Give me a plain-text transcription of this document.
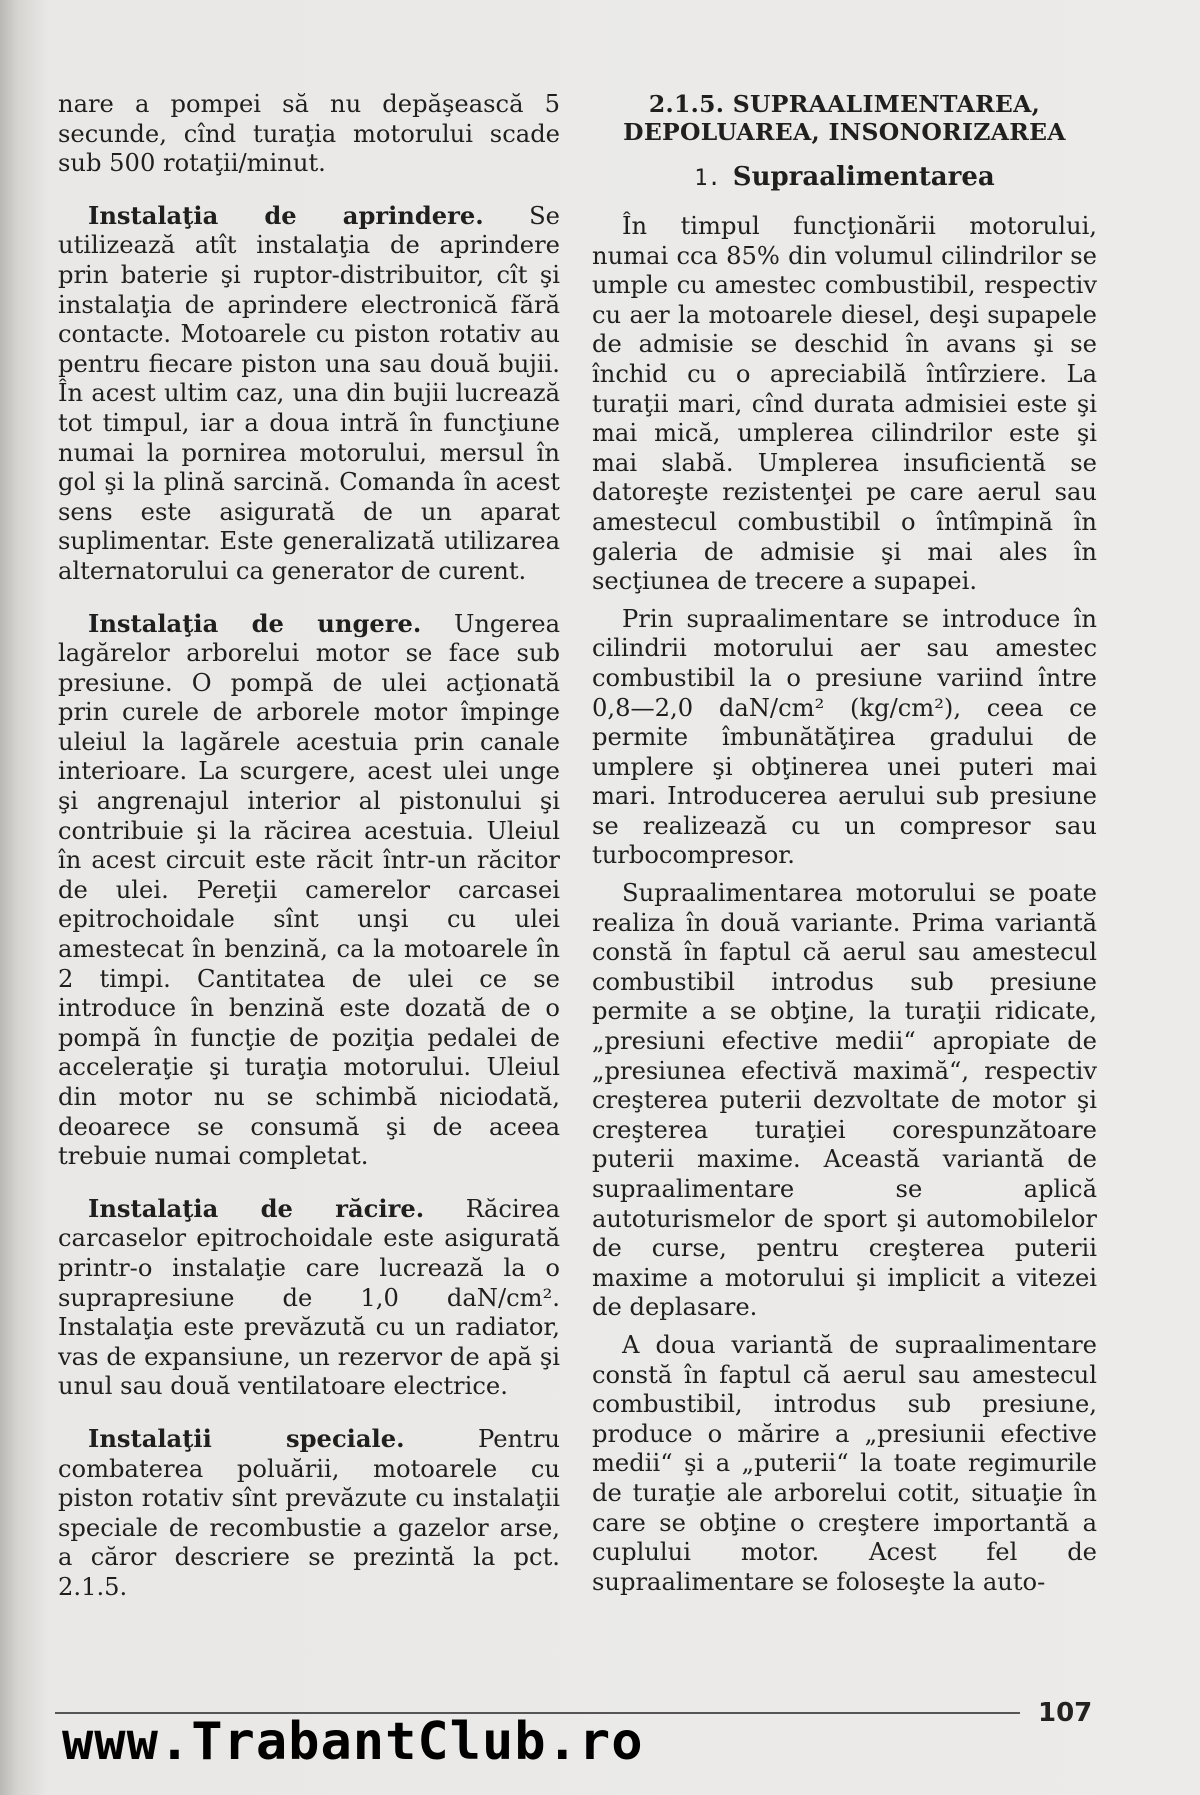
nare a pompei să nu depăşească 5 secunde, cînd turaţia motorului scade sub 500 rotaţii/minut.

Instalaţia de aprindere. Se utilizează atît instalaţia de aprindere prin baterie şi ruptor-distribuitor, cît şi instalaţia de aprindere electronică fără contacte. Motoarele cu piston rotativ au pentru fiecare piston una sau două bujii. În acest ultim caz, una din bujii lucrează tot timpul, iar a doua intră în funcţiune numai la pornirea motorului, mersul în gol şi la plină sarcină. Comanda în acest sens este asigurată de un aparat suplimentar. Este generalizată utilizarea alternatorului ca generator de curent.

Instalaţia de ungere. Ungerea lagărelor arborelui motor se face sub presiune. O pompă de ulei acţionată prin curele de arborele motor împinge uleiul la lagărele acestuia prin canale interioare. La scurgere, acest ulei unge şi angrenajul interior al pistonului şi contribuie şi la răcirea acestuia. Uleiul în acest circuit este răcit într-un răcitor de ulei. Pereţii camerelor carcasei epitrochoidale sînt unşi cu ulei amestecat în benzină, ca la motoarele în 2 timpi. Cantitatea de ulei ce se introduce în benzină este dozată de o pompă în funcţie de poziţia pedalei de acceleraţie şi turaţia motorului. Uleiul din motor nu se schimbă niciodată, deoarece se consumă şi de aceea trebuie numai completat.

Instalaţia de răcire. Răcirea carcaselor epitrochoidale este asigurată printr-o instalaţie care lucrează la o suprapresiune de 1,0 daN/cm². Instalaţia este prevăzută cu un radiator, vas de expansiune, un rezervor de apă şi unul sau două ventilatoare electrice.

Instalaţii speciale. Pentru combaterea poluării, motoarele cu piston rotativ sînt prevăzute cu instalaţii speciale de recombustie a gazelor arse, a căror descriere se prezintă la pct. 2.1.5.

2.1.5. SUPRAALIMENTAREA, DEPOLUAREA, INSONORIZAREA
1. Supraalimentarea

În timpul funcţionării motorului, numai cca 85% din volumul cilindrilor se umple cu amestec combustibil, respectiv cu aer la motoarele diesel, deşi supapele de admisie se deschid în avans şi se închid cu o apreciabilă întîrziere. La turaţii mari, cînd durata admisiei este şi mai mică, umplerea cilindrilor este şi mai slabă. Umplerea insuficientă se datoreşte rezistenţei pe care aerul sau amestecul combustibil o întîmpină în galeria de admisie şi mai ales în secţiunea de trecere a supapei.

Prin supraalimentare se introduce în cilindrii motorului aer sau amestec combustibil la o presiune variind între 0,8—2,0 daN/cm² (kg/cm²), ceea ce permite îmbunătăţirea gradului de umplere şi obţinerea unei puteri mai mari. Introducerea aerului sub presiune se realizează cu un compresor sau turbocompresor.

Supraalimentarea motorului se poate realiza în două variante. Prima variantă constă în faptul că aerul sau amestecul combustibil introdus sub presiune permite a se obţine, la turaţii ridicate, „presiuni efective medii“ apropiate de „presiunea efectivă maximă“, respectiv creşterea puterii dezvoltate de motor şi creşterea turaţiei corespunzătoare puterii maxime. Această variantă de supraalimentare se aplică autoturismelor de sport şi automobilelor de curse, pentru creşterea puterii maxime a motorului şi implicit a vitezei de deplasare.

A doua variantă de supraalimentare constă în faptul că aerul sau amestecul combustibil, introdus sub presiune, produce o mărire a „presiunii efective medii“ şi a „puterii“ la toate regimurile de turaţie ale arborelui cotit, situaţie în care se obţine o creştere importantă a cuplului motor. Acest fel de supraalimentare se foloseşte la auto-

107
www.TrabantClub.ro
